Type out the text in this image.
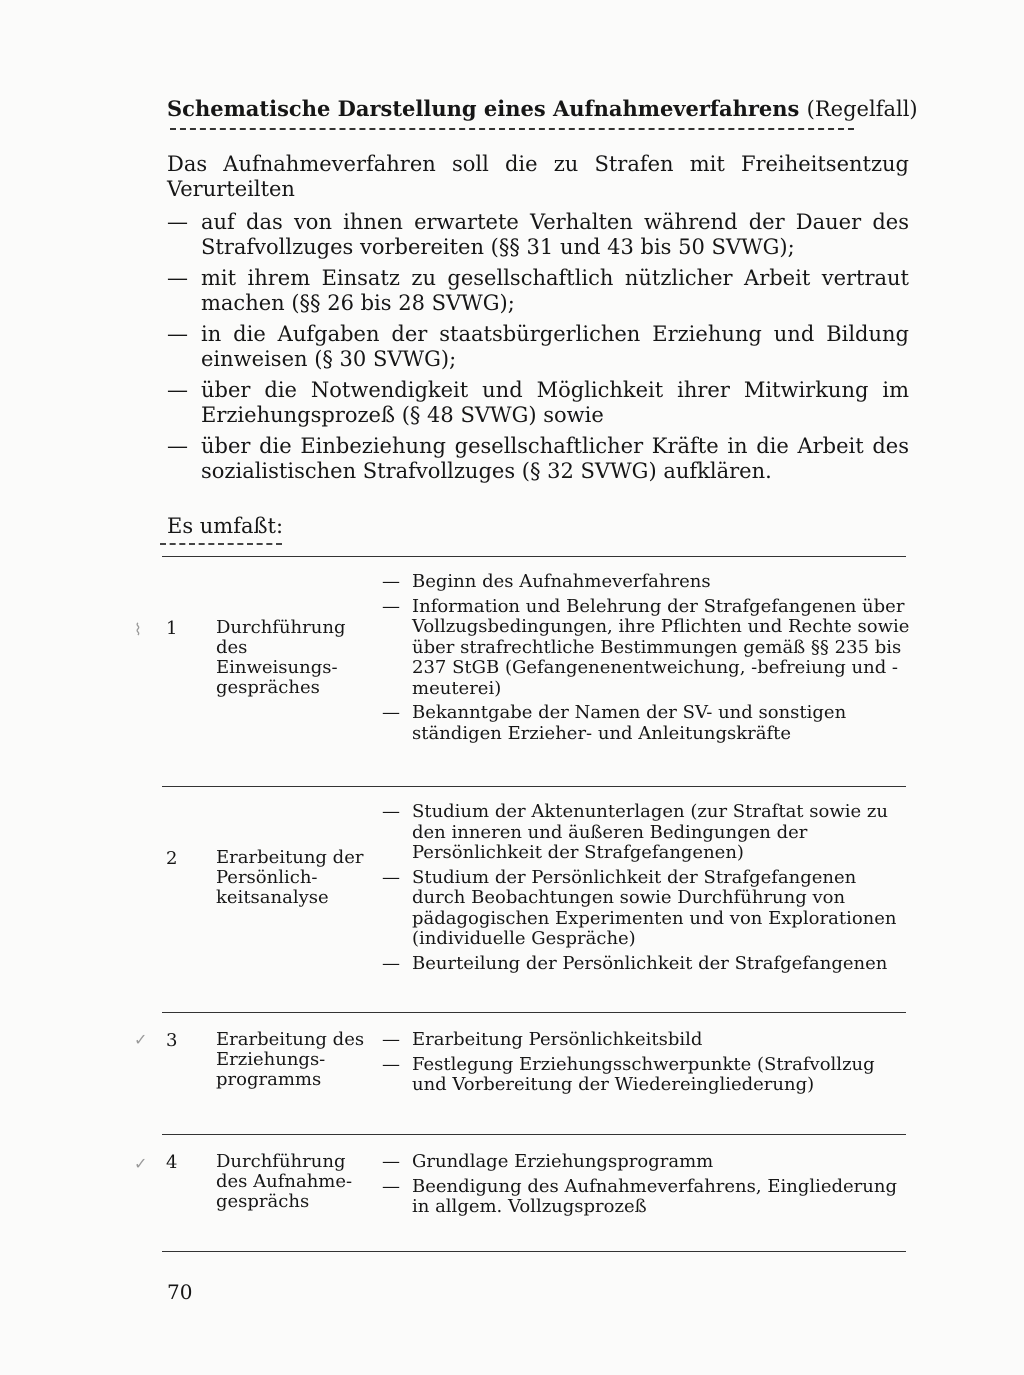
Schematische Darstellung eines Aufnahmeverfahrens (Regelfall)
Das Aufnahmeverfahren soll die zu Strafen mit Freiheitsentzug Verurteilten
— auf das von ihnen erwartete Verhalten während der Dauer des Strafvollzuges vorbereiten (§§ 31 und 43 bis 50 SVWG);
— mit ihrem Einsatz zu gesellschaftlich nützlicher Arbeit vertraut machen (§§ 26 bis 28 SVWG);
— in die Aufgaben der staatsbürgerlichen Erziehung und Bildung einweisen (§ 30 SVWG);
— über die Notwendigkeit und Möglichkeit ihrer Mitwirkung im Erziehungsprozeß (§ 48 SVWG) sowie
— über die Einbeziehung gesellschaftlicher Kräfte in die Arbeit des sozialistischen Strafvollzuges (§ 32 SVWG) aufklären.
Es umfaßt:
⌇ 1 Durchführung des Einweisungs- gespräches
— Beginn des Aufnahmeverfahrens
— Information und Belehrung der Strafgefangenen über Vollzugsbedingungen, ihre Pflichten und Rechte sowie über strafrechtliche Bestimmungen gemäß §§ 235 bis 237 StGB (Gefangenenentweichung, -befreiung und -meuterei)
— Bekanntgabe der Namen der SV- und sonstigen ständigen Erzieher- und Anleitungskräfte
2 Erarbeitung der Persönlich- keitsanalyse
— Studium der Aktenunterlagen (zur Straftat sowie zu den inneren und äußeren Bedingungen der Persönlichkeit der Strafgefangenen)
— Studium der Persönlichkeit der Strafgefangenen durch Beobachtungen sowie Durchführung von pädagogischen Experimenten und von Explorationen (individuelle Gespräche)
— Beurteilung der Persönlichkeit der Strafgefangenen
✓ 3 Erarbeitung des Erziehungs- programms
— Erarbeitung Persönlichkeitsbild
— Festlegung Erziehungsschwerpunkte (Strafvollzug und Vorbereitung der Wiedereingliederung)
✓ 4 Durchführung des Aufnahme- gesprächs
— Grundlage Erziehungsprogramm
— Beendigung des Aufnahmeverfahrens, Eingliederung in allgem. Vollzugsprozeß
70
